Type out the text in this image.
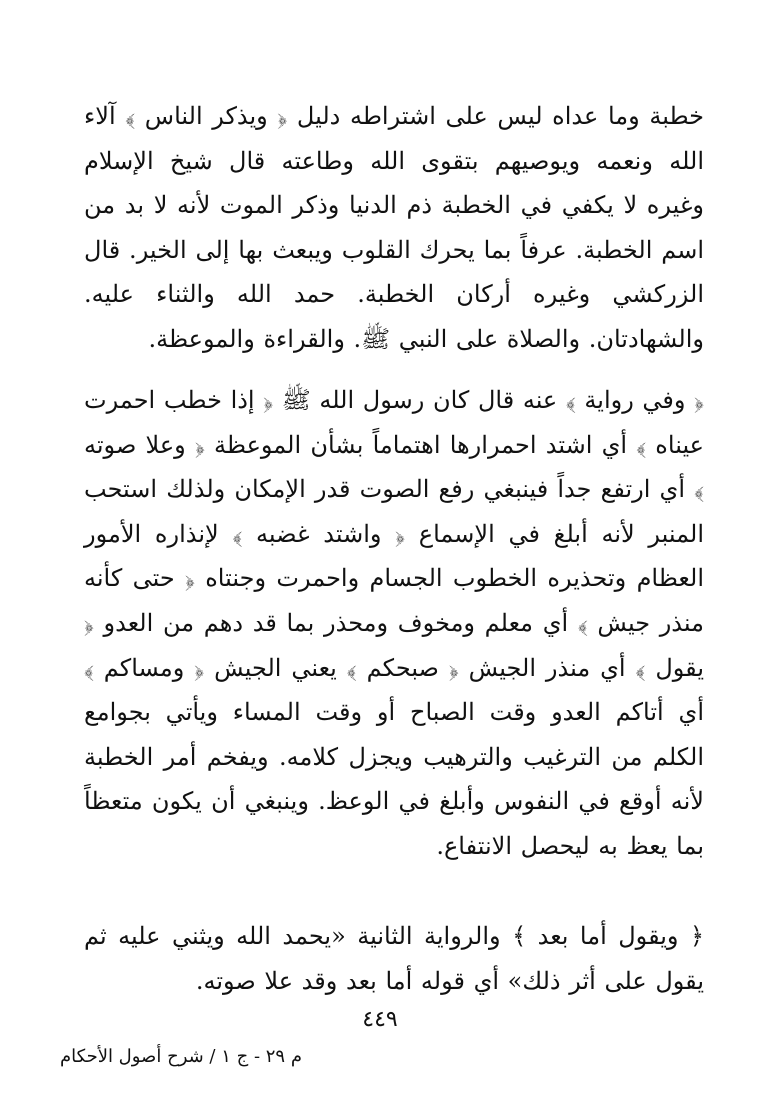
خطبة وما عداه ليس على اشتراطه دليل ﴿ ويذكر الناس ﴾ آلاء الله ونعمه ويوصيهم بتقوى الله وطاعته قال شيخ الإسلام وغيره لا يكفي في الخطبة ذم الدنيا وذكر الموت لأنه لا بد من اسم الخطبة. عرفاً بما يحرك القلوب ويبعث بها إلى الخير. قال الزركشي وغيره أركان الخطبة. حمد الله والثناء عليه. والشهادتان. والصلاة على النبي ﷺ. والقراءة والموعظة.

﴿ وفي رواية ﴾ عنه قال كان رسول الله ﷺ ﴿ إذا خطب احمرت عيناه ﴾ أي اشتد احمرارها اهتماماً بشأن الموعظة ﴿ وعلا صوته ﴾ أي ارتفع جداً فينبغي رفع الصوت قدر الإمكان ولذلك استحب المنبر لأنه أبلغ في الإسماع ﴿ واشتد غضبه ﴾ لإنذاره الأمور العظام وتحذيره الخطوب الجسام واحمرت وجنتاه ﴿ حتى كأنه منذر جيش ﴾ أي معلم ومخوف ومحذر بما قد دهم من العدو ﴿ يقول ﴾ أي منذر الجيش ﴿ صبحكم ﴾ يعني الجيش ﴿ ومساكم ﴾ أي أتاكم العدو وقت الصباح أو وقت المساء ويأتي بجوامع الكلم من الترغيب والترهيب ويجزل كلامه. ويفخم أمر الخطبة لأنه أوقع في النفوس وأبلغ في الوعظ. وينبغي أن يكون متعظاً بما يعظ به ليحصل الانتفاع.

﴿ ويقول أما بعد ﴾ والرواية الثانية «يحمد الله ويثني عليه ثم يقول على أثر ذلك» أي قوله أما بعد وقد علا صوته.

٤٤٩
م ٢٩ - ج ١ / شرح أصول الأحكام
